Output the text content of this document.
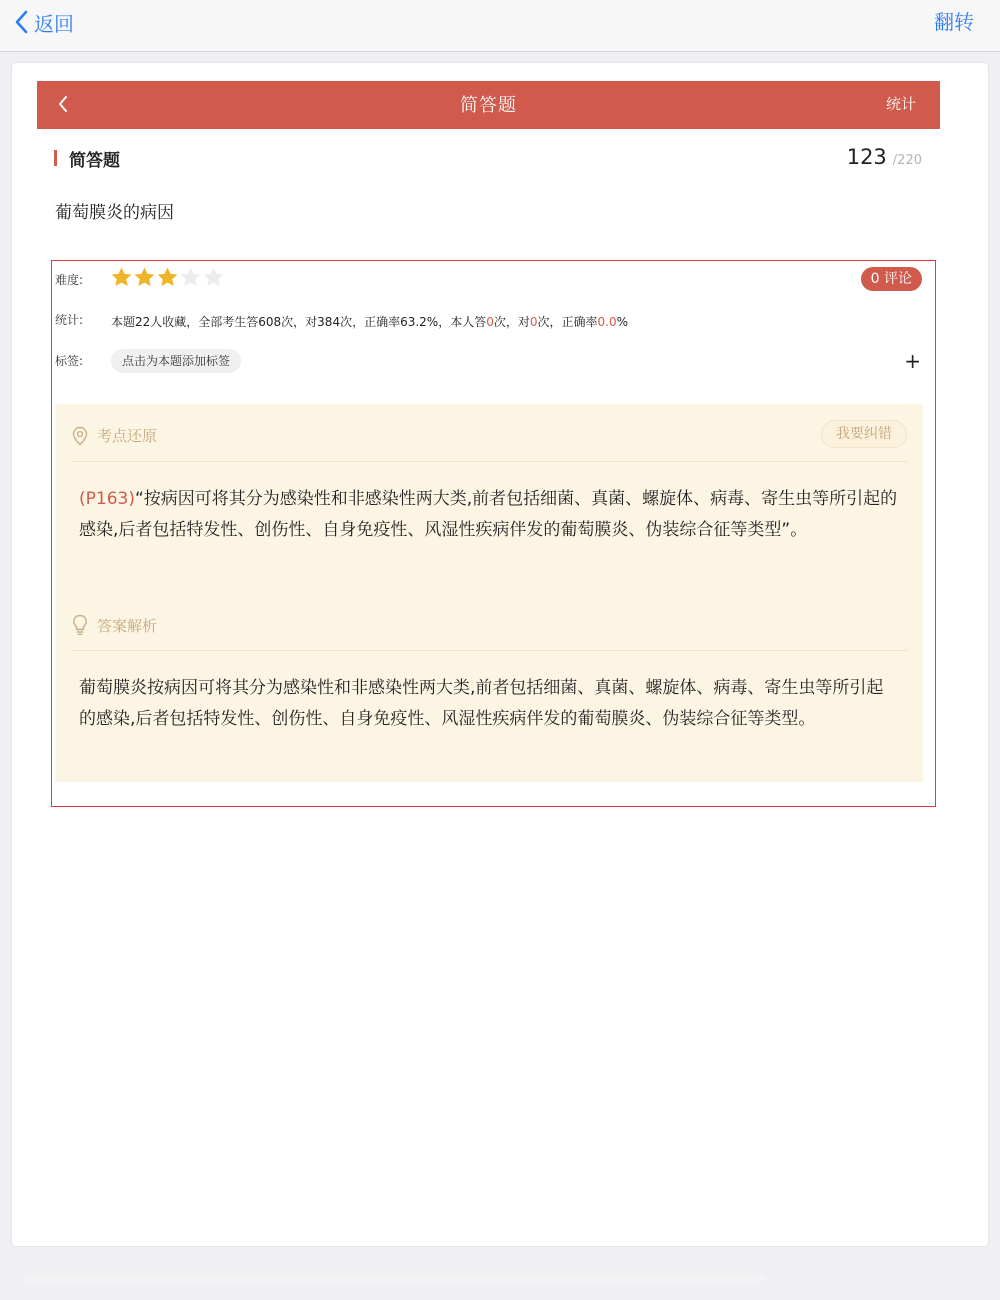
返回	翻转
简答题	统计
简答题	123 /220
葡萄膜炎的病因
难度:	0 评论
统计: 本题22人收藏，全部考生答608次，对384次，正确率63.2%，本人答0次，对0次，正确率0.0%
标签:	点击为本题添加标签	+
考点还原	我要纠错
(P163)“按病因可将其分为感染性和非感染性两大类,前者包括细菌、真菌、螺旋体、病毒、寄生虫等所引起的感染,后者包括特发性、创伤性、自身免疫性、风湿性疾病伴发的葡萄膜炎、伪装综合征等类型”。
答案解析
葡萄膜炎按病因可将其分为感染性和非感染性两大类,前者包括细菌、真菌、螺旋体、病毒、寄生虫等所引起的感染,后者包括特发性、创伤性、自身免疫性、风湿性疾病伴发的葡萄膜炎、伪装综合征等类型。
